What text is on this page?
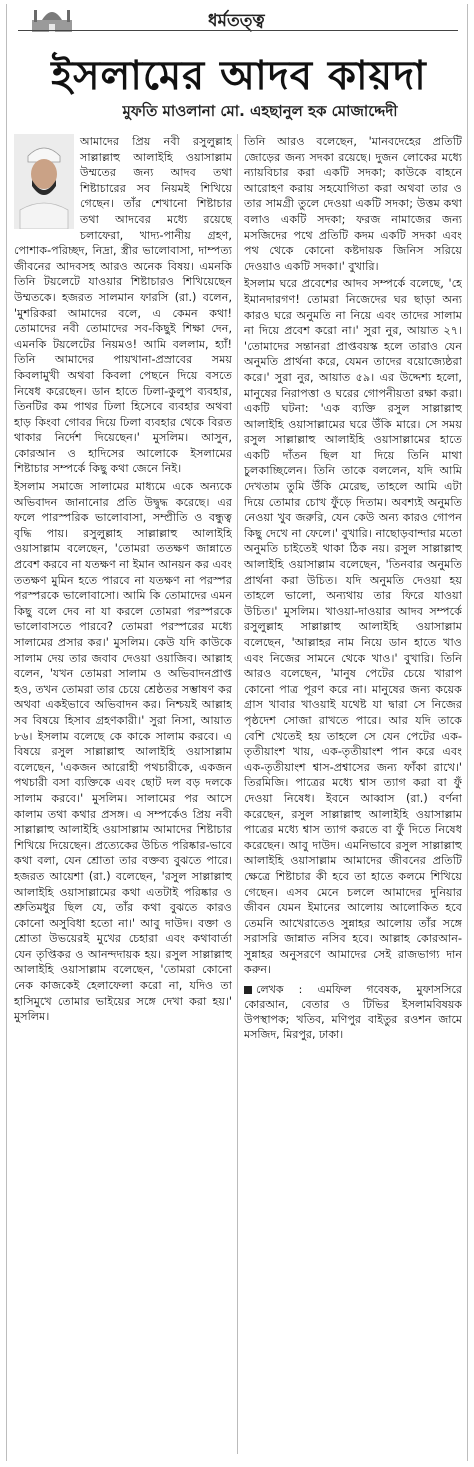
ধর্মতত্ত্ব
ইসলামের আদব কায়দা
মুফতি মাওলানা মো. এহছানুল হক মোজাদ্দেদী

আমাদের প্রিয় নবী রসুলুল্লাহ সাল্লাল্লাহু আলাইহি ওয়াসাল্লাম উম্মতের জন্য আদব তথা শিষ্টাচারের সব নিয়মই শিখিয়ে গেছেন। তাঁর শেখানো শিষ্টাচার তথা আদবের মধ্যে রয়েছে চলাফেরা, খাদ্য-পানীয় গ্রহণ, পোশাক-পরিচ্ছদ, নিদ্রা, স্ত্রীর ভালোবাসা, দাম্পত্য জীবনের আদবসহ আরও অনেক বিষয়। এমনকি তিনি টয়লেটে যাওয়ার শিষ্টাচারও শিখিয়েছেন উম্মতকে। হজরত সালমান ফারসি (রা.) বলেন, 'মুশরিকরা আমাদের বলে, এ কেমন কথা! তোমাদের নবী তোমাদের সব-কিছুই শিক্ষা দেন, এমনকি টয়লেটের নিয়মও! আমি বললাম, হ্যাঁ! তিনি আমাদের পায়খানা-প্রস্রাবের সময় কিবলামুখী অথবা কিবলা পেছনে দিয়ে বসতে নিষেধ করেছেন। ডান হাতে ঢিলা-কুলুপ ব্যবহার, তিনটির কম পাথর ঢিলা হিসেবে ব্যবহার অথবা হাড় কিংবা গোবর দিয়ে ঢিলা ব্যবহার থেকে বিরত থাকার নির্দেশ দিয়েছেন।' মুসলিম। আসুন, কোরআন ও হাদিসের আলোকে ইসলামের শিষ্টাচার সম্পর্কে কিছু কথা জেনে নিই।

ইসলাম সমাজে সালামের মাধ্যমে একে অন্যকে অভিবাদন জানানোর প্রতি উদ্বুদ্ধ করেছে। এর ফলে পারস্পরিক ভালোবাসা, সম্প্রীতি ও বন্ধুত্ব বৃদ্ধি পায়। রসুলুল্লাহ সাল্লাল্লাহু আলাইহি ওয়াসাল্লাম বলেছেন, 'তোমরা ততক্ষণ জান্নাতে প্রবেশ করবে না যতক্ষণ না ইমান আনয়ন কর এবং ততক্ষণ মুমিন হতে পারবে না যতক্ষণ না পরস্পর পরস্পরকে ভালোবাসো। আমি কি তোমাদের এমন কিছু বলে দেব না যা করলে তোমরা পরস্পরকে ভালোবাসতে পারবে? তোমরা পরস্পরের মধ্যে সালামের প্রসার কর।' মুসলিম। কেউ যদি কাউকে সালাম দেয় তার জবাব দেওয়া ওয়াজিব। আল্লাহ বলেন, 'যখন তোমরা সালাম ও অভিবাদনপ্রাপ্ত হও, তখন তোমরা তার চেয়ে শ্রেষ্ঠতর সম্ভাষণ কর অথবা একইভাবে অভিবাদন কর। নিশ্চয়ই আল্লাহ সব বিষয়ে হিসাব গ্রহণকারী।' সুরা নিসা, আয়াত ৮৬। ইসলাম বলেছে কে কাকে সালাম করবে। এ বিষয়ে রসুল সাল্লাল্লাহু আলাইহি ওয়াসাল্লাম বলেছেন, 'একজন আরোহী পথচারীকে, একজন পথচারী বসা ব্যক্তিকে এবং ছোট দল বড় দলকে সালাম করবে।' মুসলিম। সালামের পর আসে কালাম তথা কথার প্রসঙ্গ। এ সম্পর্কেও প্রিয় নবী সাল্লাল্লাহু আলাইহি ওয়াসাল্লাম আমাদের শিষ্টাচার শিখিয়ে দিয়েছেন। প্রত্যেকের উচিত পরিষ্কার-ভাবে কথা বলা, যেন শ্রোতা তার বক্তব্য বুঝতে পারে। হজরত আয়েশা (রা.) বলেছেন, 'রসুল সাল্লাল্লাহু আলাইহি ওয়াসাল্লামের কথা এতটাই পরিষ্কার ও শ্রুতিমধুর ছিল যে, তাঁর কথা বুঝতে কারও কোনো অসুবিধা হতো না।' আবু দাউদ। বক্তা ও শ্রোতা উভয়েরই মুখের চেহারা এবং কথাবার্তা যেন তৃপ্তিকর ও আনন্দদায়ক হয়। রসুল সাল্লাল্লাহু আলাইহি ওয়াসাল্লাম বলেছেন, 'তোমরা কোনো নেক কাজকেই হেলাফেলা করো না, যদিও তা হাসিমুখে তোমার ভাইয়ের সঙ্গে দেখা করা হয়।' মুসলিম।

তিনি আরও বলেছেন, 'মানবদেহের প্রতিটি জোড়ের জন্য সদকা রয়েছে। দুজন লোকের মধ্যে ন্যায়বিচার করা একটি সদকা; কাউকে বাহনে আরোহণ করায় সহযোগিতা করা অথবা তার ও তার সামগ্রী তুলে দেওয়া একটি সদকা; উত্তম কথা বলাও একটি সদকা; ফরজ নামাজের জন্য মসজিদের পথে প্রতিটি কদম একটি সদকা এবং পথ থেকে কোনো কষ্টদায়ক জিনিস সরিয়ে দেওয়াও একটি সদকা।' বুখারি।

ইসলাম ঘরে প্রবেশের আদব সম্পর্কে বলেছে, 'হে ইমানদারগণ! তোমরা নিজেদের ঘর ছাড়া অন্য কারও ঘরে অনুমতি না নিয়ে এবং তাদের সালাম না দিয়ে প্রবেশ করো না।' সুরা নুর, আয়াত ২৭। 'তোমাদের সন্তানরা প্রাপ্তবয়স্ক হলে তারাও যেন অনুমতি প্রার্থনা করে, যেমন তাদের বয়োজ্যেষ্ঠরা করে।' সুরা নুর, আয়াত ৫৯। এর উদ্দেশ্য হলো, মানুষের নিরাপত্তা ও ঘরের গোপনীয়তা রক্ষা করা। একটি ঘটনা: 'এক ব্যক্তি রসুল সাল্লাল্লাহু আলাইহি ওয়াসাল্লামের ঘরে উঁকি মারে। সে সময় রসুল সাল্লাল্লাহু আলাইহি ওয়াসাল্লামের হাতে একটি দাঁতন ছিল যা দিয়ে তিনি মাথা চুলকাচ্ছিলেন। তিনি তাকে বললেন, যদি আমি দেখতাম তুমি উঁকি মেরেছ, তাহলে আমি এটা দিয়ে তোমার চোখ ফুঁড়ে দিতাম। অবশ্যই অনুমতি নেওয়া খুব জরুরি, যেন কেউ অন্য কারও গোপন কিছু দেখে না ফেলে।' বুখারি। নাছোড়বান্দার মতো অনুমতি চাইতেই থাকা ঠিক নয়। রসুল সাল্লাল্লাহু আলাইহি ওয়াসাল্লাম বলেছেন, 'তিনবার অনুমতি প্রার্থনা করা উচিত। যদি অনুমতি দেওয়া হয় তাহলে ভালো, অন্যথায় তার ফিরে যাওয়া উচিত।' মুসলিম। খাওয়া-দাওয়ার আদব সম্পর্কে রসুলুল্লাহ সাল্লাল্লাহু আলাইহি ওয়াসাল্লাম বলেছেন, 'আল্লাহর নাম নিয়ে ডান হাতে খাও এবং নিজের সামনে থেকে খাও।' বুখারি। তিনি আরও বলেছেন, 'মানুষ পেটের চেয়ে খারাপ কোনো পাত্র পূরণ করে না। মানুষের জন্য কয়েক গ্রাস খাবার খাওয়াই যথেষ্ট যা দ্বারা সে নিজের পৃষ্ঠদেশ সোজা রাখতে পারে। আর যদি তাকে বেশি খেতেই হয় তাহলে সে যেন পেটের এক-তৃতীয়াংশ খায়, এক-তৃতীয়াংশ পান করে এবং এক-তৃতীয়াংশ শ্বাস-প্রশ্বাসের জন্য ফাঁকা রাখে।' তিরমিজি। পাত্রের মধ্যে শ্বাস ত্যাগ করা বা ফুঁ দেওয়া নিষেধ। ইবনে আব্বাস (রা.) বর্ণনা করেছেন, রসুল সাল্লাল্লাহু আলাইহি ওয়াসাল্লাম পাত্রের মধ্যে শ্বাস ত্যাগ করতে বা ফুঁ দিতে নিষেধ করেছেন। আবু দাউদ। এমনিভাবে রসুল সাল্লাল্লাহু আলাইহি ওয়াসাল্লাম আমাদের জীবনের প্রতিটি ক্ষেত্রে শিষ্টাচার কী হবে তা হাতে কলমে শিখিয়ে গেছেন। এসব মেনে চললে আমাদের দুনিয়ার জীবন যেমন ইমানের আলোয় আলোকিত হবে তেমনি আখেরাতেও সুন্নাহর আলোয় তাঁর সঙ্গে সরাসরি জান্নাত নসিব হবে। আল্লাহ কোরআন-সুন্নাহর অনুসরণে আমাদের সেই রাজভাগ্য দান করুন।

লেখক : এমফিল গবেষক, মুফাসসিরে কোরআন, বেতার ও টিভির ইসলামবিষয়ক উপস্থাপক; খতিব, মণিপুর বাইতুর রওশন জামে মসজিদ, মিরপুর, ঢাকা।
